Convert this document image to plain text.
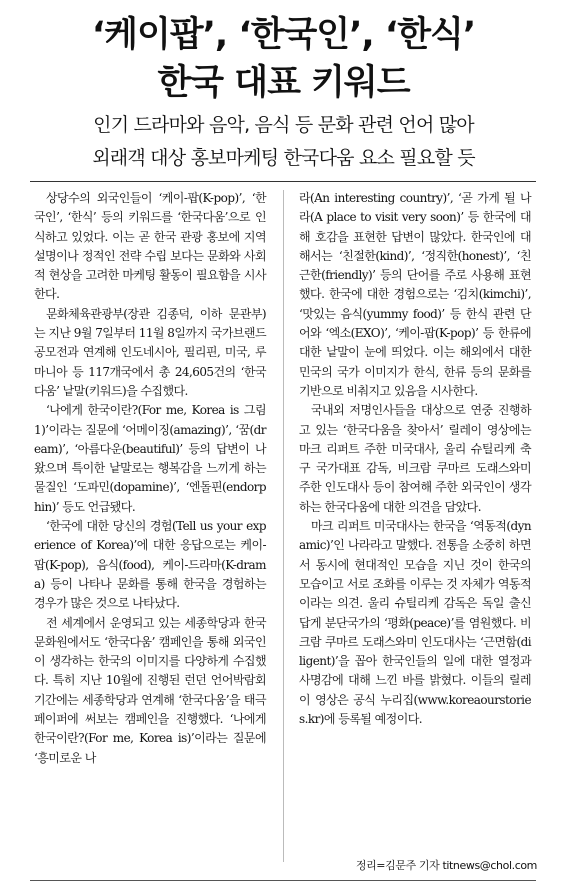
‘케이팝’, ‘한국인’, ‘한식’
한국 대표 키워드
인기 드라마와 음악, 음식 등 문화 관련 언어 많아
외래객 대상 홍보마케팅 한국다움 요소 필요할 듯

상당수의 외국인들이 ‘케이-팝(K-pop)’, ‘한국인’, ‘한식’ 등의 키워드를 ‘한국다움’으로 인식하고 있었다. 이는 곧 한국 관광 홍보에 지역 설명이나 정적인 전략 수립 보다는 문화와 사회적 현상을 고려한 마케팅 활동이 필요함을 시사한다.

문화체육관광부(장관 김종덕, 이하 문관부)는 지난 9월 7일부터 11월 8일까지 국가브랜드 공모전과 연계해 인도네시아, 필리핀, 미국, 루마니아 등 117개국에서 총 24,605건의 ‘한국다움’ 낱말(키워드)을 수집했다.

‘나에게 한국이란?(For me, Korea is 그림1)’이라는 질문에 ‘어메이징(amazing)’, ‘꿈(dream)’, ‘아름다운(beautiful)’ 등의 답변이 나왔으며 특이한 낱말로는 행복감을 느끼게 하는 물질인 ‘도파민(dopamine)’, ‘엔돌핀(endorphin)’ 등도 언급됐다.

‘한국에 대한 당신의 경험(Tell us your experience of Korea)’에 대한 응답으로는 케이-팝(K-pop), 음식(food), 케이-드라마(K-drama) 등이 나타나 문화를 통해 한국을 경험하는 경우가 많은 것으로 나타났다.

전 세계에서 운영되고 있는 세종학당과 한국문화원에서도 ‘한국다움’ 캠페인을 통해 외국인이 생각하는 한국의 이미지를 다양하게 수집했다. 특히 지난 10월에 진행된 런던 언어박람회 기간에는 세종학당과 연계해 ‘한국다움’을 태극페이퍼에 써보는 캠페인을 진행했다. ‘나에게 한국이란?(For me, Korea is)’이라는 질문에 ‘흥미로운 나

라(An interesting country)’, ‘곧 가게 될 나라(A place to visit very soon)’ 등 한국에 대해 호감을 표현한 답변이 많았다. 한국인에 대해서는 ‘친절한(kind)’, ‘정직한(honest)’, ‘친근한(friendly)’ 등의 단어를 주로 사용해 표현했다. 한국에 대한 경험으로는 ‘김치(kimchi)’, ‘맛있는 음식(yummy food)’ 등 한식 관련 단어와 ‘엑소(EXO)’, ‘케이-팝(K-pop)’ 등 한류에 대한 낱말이 눈에 띄었다. 이는 해외에서 대한민국의 국가 이미지가 한식, 한류 등의 문화를 기반으로 비춰지고 있음을 시사한다.

국내외 저명인사들을 대상으로 연중 진행하고 있는 ‘한국다움을 찾아서’ 릴레이 영상에는 마크 리퍼트 주한 미국대사, 울리 슈틸리케 축구 국가대표 감독, 비크람 쿠마르 도래스와미 주한 인도대사 등이 참여해 주한 외국인이 생각하는 한국다움에 대한 의견을 담았다.

마크 리퍼트 미국대사는 한국을 ‘역동적(dynamic)’인 나라라고 말했다. 전통을 소중히 하면서 동시에 현대적인 모습을 지닌 것이 한국의 모습이고 서로 조화를 이루는 것 자체가 역동적이라는 의견. 울리 슈틸리케 감독은 독일 출신답게 분단국가의 ‘평화(peace)’를 염원했다. 비크람 쿠마르 도래스와미 인도대사는 ‘근면함(diligent)’을 꼽아 한국인들의 일에 대한 열정과 사명감에 대해 느낀 바를 밝혔다. 이들의 릴레이 영상은 공식 누리집(www.koreaourstories.kr)에 등록될 예정이다.

정리=김문주 기자 titnews@chol.com
